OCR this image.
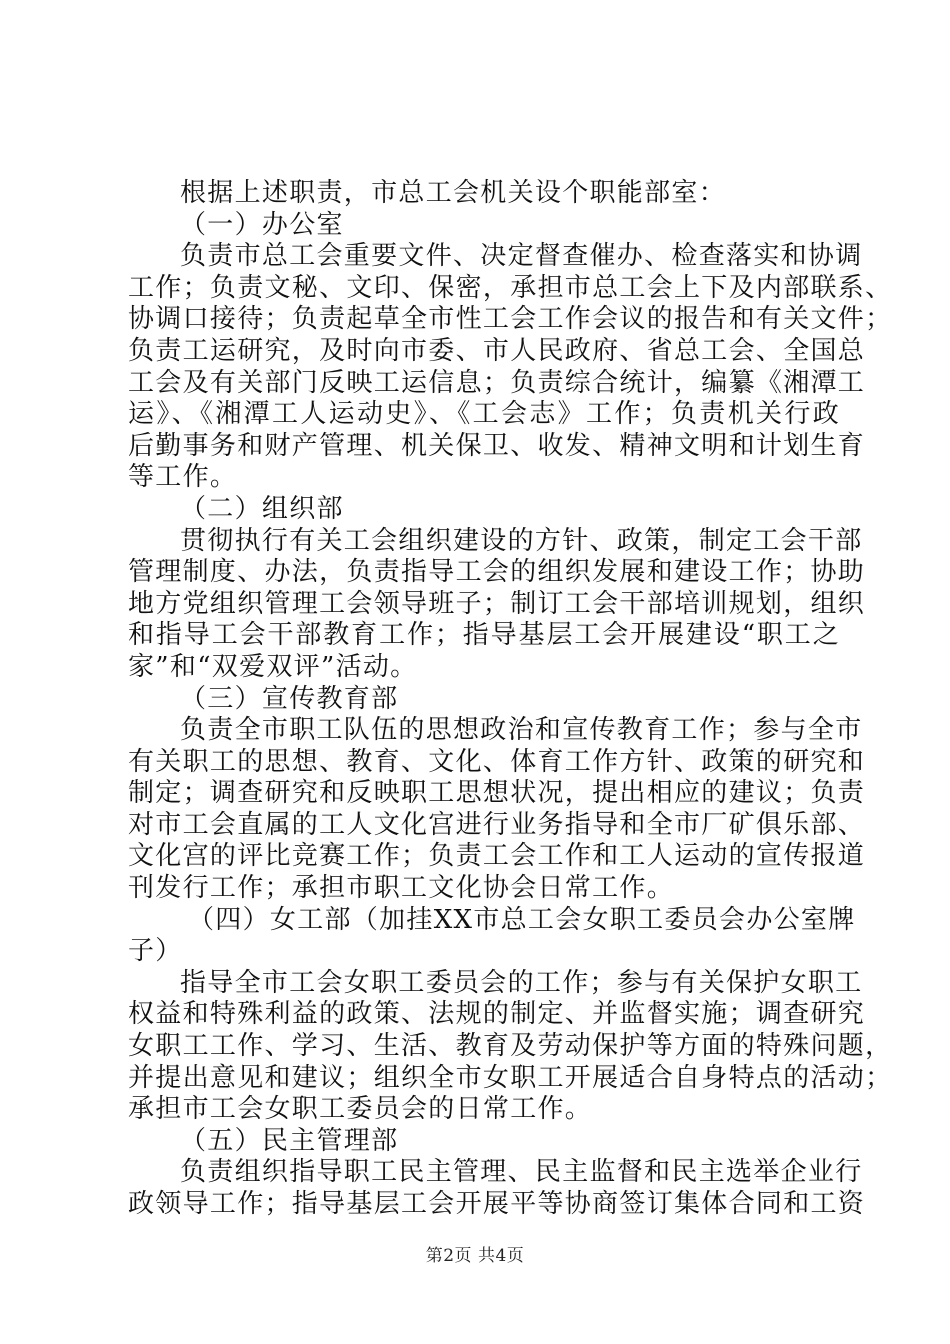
根据上述职责，市总工会机关设个职能部室：
（一）办公室
负责市总工会重要文件、决定督查催办、检查落实和协调
工作；负责文秘、文印、保密，承担市总工会上下及内部联系、
协调口接待；负责起草全市性工会工作会议的报告和有关文件；
负责工运研究，及时向市委、市人民政府、省总工会、全国总
工会及有关部门反映工运信息；负责综合统计，编纂《湘潭工
运》、《湘潭工人运动史》、《工会志》工作；负责机关行政
后勤事务和财产管理、机关保卫、收发、精神文明和计划生育
等工作。
（二）组织部
贯彻执行有关工会组织建设的方针、政策，制定工会干部
管理制度、办法，负责指导工会的组织发展和建设工作；协助
地方党组织管理工会领导班子；制订工会干部培训规划，组织
和指导工会干部教育工作；指导基层工会开展建设“职工之
家”和“双爱双评”活动。
（三）宣传教育部
负责全市职工队伍的思想政治和宣传教育工作；参与全市
有关职工的思想、教育、文化、体育工作方针、政策的研究和
制定；调查研究和反映职工思想状况，提出相应的建议；负责
对市工会直属的工人文化宫进行业务指导和全市厂矿俱乐部、
文化宫的评比竞赛工作；负责工会工作和工人运动的宣传报道
刊发行工作；承担市职工文化协会日常工作。
（四）女工部（加挂XX市总工会女职工委员会办公室牌
子）
指导全市工会女职工委员会的工作；参与有关保护女职工
权益和特殊利益的政策、法规的制定、并监督实施；调查研究
女职工工作、学习、生活、教育及劳动保护等方面的特殊问题，
并提出意见和建议；组织全市女职工开展适合自身特点的活动；
承担市工会女职工委员会的日常工作。
（五）民主管理部
负责组织指导职工民主管理、民主监督和民主选举企业行
政领导工作；指导基层工会开展平等协商签订集体合同和工资
第2页 共4页
